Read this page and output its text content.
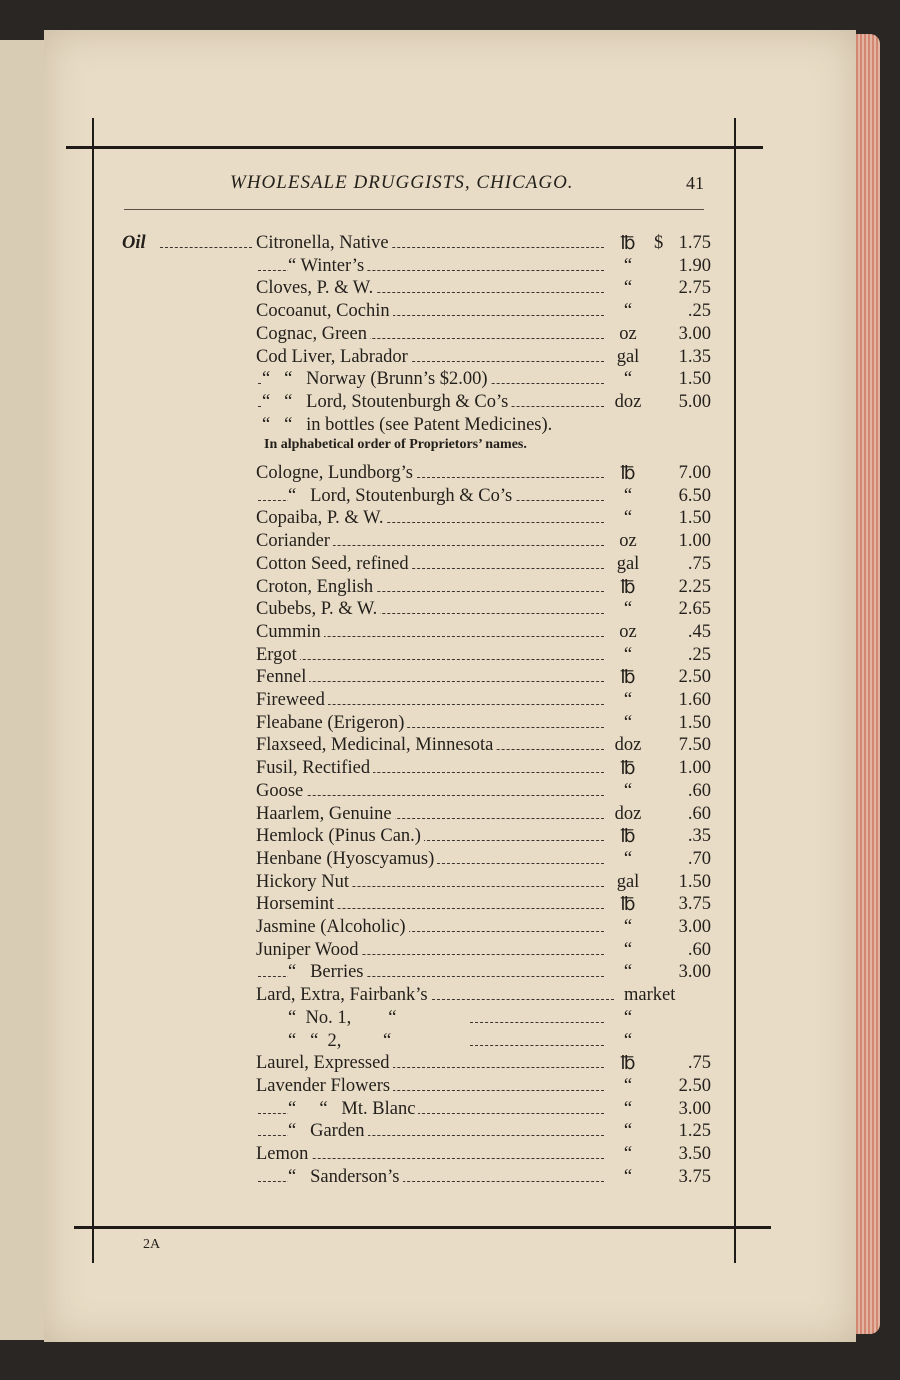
WHOLESALE DRUGGISTS, CHICAGO.	41
2A
Oil	Citronella, Native	℔ $ 1.75
“ Winter’s	“	1.90
Cloves, P. & W.	“	2.75
Cocoanut, Cochin	“	.25
Cognac, Green	oz	3.00
Cod Liver, Labrador	gal	1.35
“   “   Norway (Brunn’s $2.00)	“	1.50
“   “   Lord, Stoutenburgh & Co’s	doz	5.00
“   “   in bottles (see Patent Medicines).
In alphabetical order of Proprietors’ names.
Cologne, Lundborg’s	℔	7.00
“   Lord, Stoutenburgh & Co’s	“	6.50
Copaiba, P. & W.	“	1.50
Coriander	oz	1.00
Cotton Seed, refined	gal	.75
Croton, English	℔	2.25
Cubebs, P. & W.	“	2.65
Cummin	oz	.45
Ergot	“	.25
Fennel	℔	2.50
Fireweed	“	1.60
Fleabane (Erigeron)	“	1.50
Flaxseed, Medicinal, Minnesota	doz	7.50
Fusil, Rectified	℔	1.00
Goose	“	.60
Haarlem, Genuine	doz	.60
Hemlock (Pinus Can.)	℔	.35
Henbane (Hyoscyamus)	“	.70
Hickory Nut	gal	1.50
Horsemint	℔	3.75
Jasmine (Alcoholic)	“	3.00
Juniper Wood	“	.60
“   Berries	“	3.00
Lard, Extra, Fairbank’s	market
“  No. 1,        “	“
“   “  2,         “	“
Laurel, Expressed	℔	.75
Lavender Flowers	“	2.50
“     “   Mt. Blanc	“	3.00
“   Garden	“	1.25
Lemon	“	3.50
“   Sanderson’s	“	3.75
